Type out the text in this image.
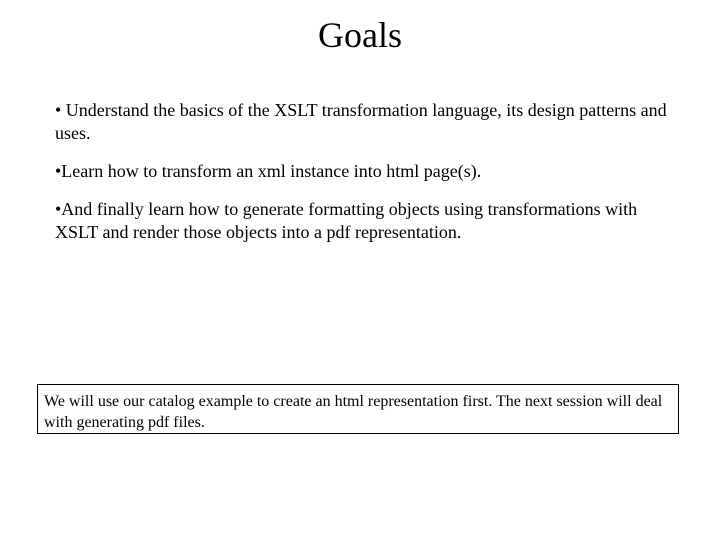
Goals
• Understand the basics of the XSLT transformation language, its design patterns and uses.
•Learn how to transform an xml instance into html page(s).
•And finally learn how to generate formatting objects using transformations with XSLT and render those objects into a pdf representation.
We will use our catalog example to create an html representation first. The next session will deal with generating pdf files.
